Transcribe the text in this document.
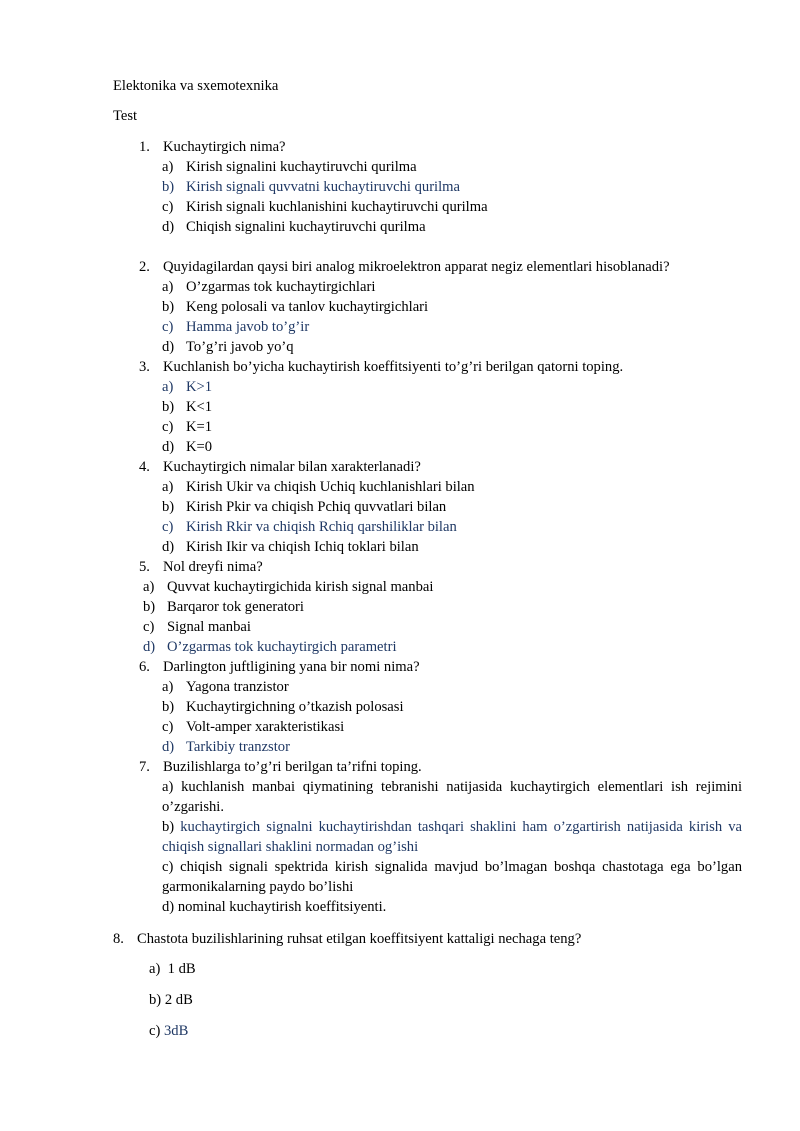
Elektonika va sxemotexnika
Test
1. Kuchaytirgich nima?
a) Kirish signalini kuchaytiruvchi qurilma
b) Kirish signali quvvatni kuchaytiruvchi qurilma
c) Kirish signali kuchlanishini kuchaytiruvchi qurilma
d) Chiqish signalini kuchaytiruvchi qurilma
2. Quyidagilardan qaysi biri analog mikroelektron apparat negiz elementlari hisoblanadi?
a) O’zgarmas tok kuchaytirgichlari
b) Keng polosali va tanlov kuchaytirgichlari
c) Hamma javob to’g’ir
d) To’g’ri javob yo’q
3. Kuchlanish bo’yicha kuchaytirish koeffitsiyenti to’g’ri berilgan qatorni toping.
a) K>1
b) K<1
c) K=1
d) K=0
4. Kuchaytirgich nimalar bilan xarakterlanadi?
a) Kirish Ukir va chiqish Uchiq kuchlanishlari bilan
b) Kirish Pkir va chiqish Pchiq quvvatlari bilan
c) Kirish Rkir va chiqish Rchiq qarshiliklar bilan
d) Kirish Ikir va chiqish Ichiq toklari bilan
5. Nol dreyfi nima?
a) Quvvat kuchaytirgichida kirish signal manbai
b) Barqaror tok generatori
c) Signal manbai
d) O’zgarmas tok kuchaytirgich parametri
6. Darlington juftligining yana bir nomi nima?
a) Yagona tranzistor
b) Kuchaytirgichning o’tkazish polosasi
c) Volt-amper xarakteristikasi
d) Tarkibiy tranzstor
7. Buzilishlarga to’g’ri berilgan ta’rifni toping.
a) kuchlanish manbai qiymatining tebranishi natijasida kuchaytirgich elementlari ish rejimini o’zgarishi.
b) kuchaytirgich signalni kuchaytirishdan tashqari shaklini ham o’zgartirish natijasida kirish va chiqish signallari shaklini normadan og’ishi
c) chiqish signali spektrida kirish signalida mavjud bo’lmagan boshqa chastotaga ega bo’lgan garmonikalarning paydo bo’lishi
d) nominal kuchaytirish koeffitsiyenti.
8. Chastota buzilishlarining ruhsat etilgan koeffitsiyent kattaligi nechaga teng?
a) 1 dB
b) 2 dB
c) 3dB
